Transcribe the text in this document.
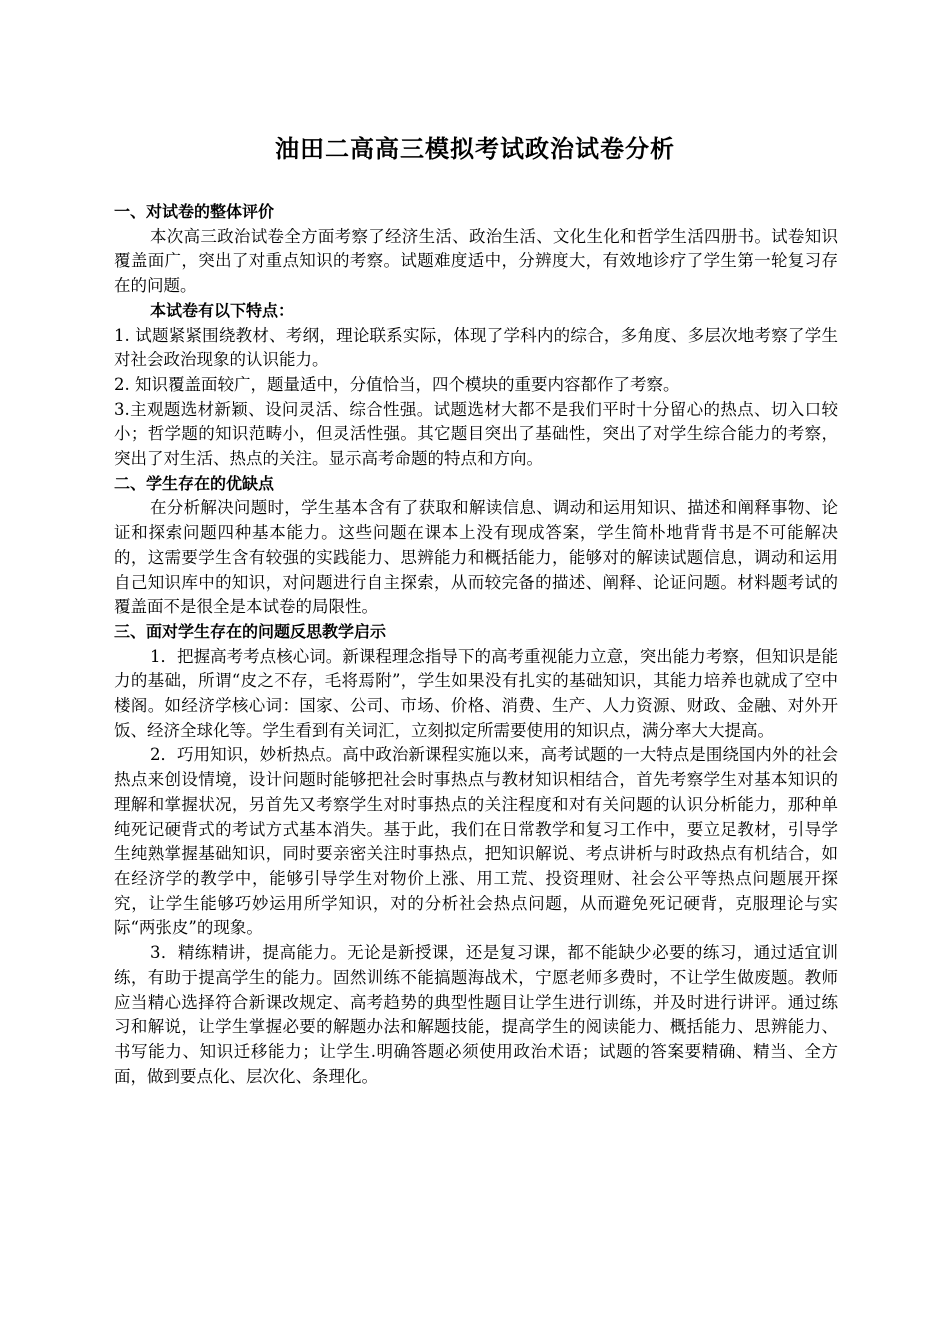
油田二高高三模拟考试政治试卷分析

一、对试卷的整体评价

本次高三政治试卷全方面考察了经济生活、政治生活、文化生化和哲学生活四册书。试卷知识覆盖面广，突出了对重点知识的考察。试题难度适中，分辨度大，有效地诊疗了学生第一轮复习存在的问题。

本试卷有以下特点：

1. 试题紧紧围绕教材、考纲，理论联系实际，体现了学科内的综合，多角度、多层次地考察了学生对社会政治现象的认识能力。

2. 知识覆盖面较广，题量适中，分值恰当，四个模块的重要内容都作了考察。

3.主观题选材新颖、设问灵活、综合性强。试题选材大都不是我们平时十分留心的热点、切入口较小；哲学题的知识范畴小，但灵活性强。其它题目突出了基础性，突出了对学生综合能力的考察，突出了对生活、热点的关注。显示高考命题的特点和方向。

二、学生存在的优缺点

在分析解决问题时，学生基本含有了获取和解读信息、调动和运用知识、描述和阐释事物、论证和探索问题四种基本能力。这些问题在课本上没有现成答案，学生简朴地背背书是不可能解决的，这需要学生含有较强的实践能力、思辨能力和概括能力，能够对的解读试题信息，调动和运用自己知识库中的知识，对问题进行自主探索，从而较完备的描述、阐释、论证问题。材料题考试的覆盖面不是很全是本试卷的局限性。

三、面对学生存在的问题反思教学启示

1．把握高考考点核心词。新课程理念指导下的高考重视能力立意，突出能力考察，但知识是能力的基础，所谓“皮之不存，毛将焉附”，学生如果没有扎实的基础知识，其能力培养也就成了空中楼阁。如经济学核心词：国家、公司、市场、价格、消费、生产、人力资源、财政、金融、对外开饭、经济全球化等。学生看到有关词汇，立刻拟定所需要使用的知识点，满分率大大提高。

2．巧用知识，妙析热点。高中政治新课程实施以来，高考试题的一大特点是围绕国内外的社会热点来创设情境，设计问题时能够把社会时事热点与教材知识相结合，首先考察学生对基本知识的理解和掌握状况，另首先又考察学生对时事热点的关注程度和对有关问题的认识分析能力，那种单纯死记硬背式的考试方式基本消失。基于此，我们在日常教学和复习工作中，要立足教材，引导学生纯熟掌握基础知识，同时要亲密关注时事热点，把知识解说、考点讲析与时政热点有机结合，如在经济学的教学中，能够引导学生对物价上涨、用工荒、投资理财、社会公平等热点问题展开探究，让学生能够巧妙运用所学知识，对的分析社会热点问题，从而避免死记硬背，克服理论与实际“两张皮”的现象。

3．精练精讲，提高能力。无论是新授课，还是复习课，都不能缺少必要的练习，通过适宜训练，有助于提高学生的能力。固然训练不能搞题海战术，宁愿老师多费时，不让学生做废题。教师应当精心选择符合新课改规定、高考趋势的典型性题目让学生进行训练，并及时进行讲评。通过练习和解说，让学生掌握必要的解题办法和解题技能，提高学生的阅读能力、概括能力、思辨能力、书写能力、知识迁移能力；让学生.明确答题必须使用政治术语；试题的答案要精确、精当、全方面，做到要点化、层次化、条理化。
